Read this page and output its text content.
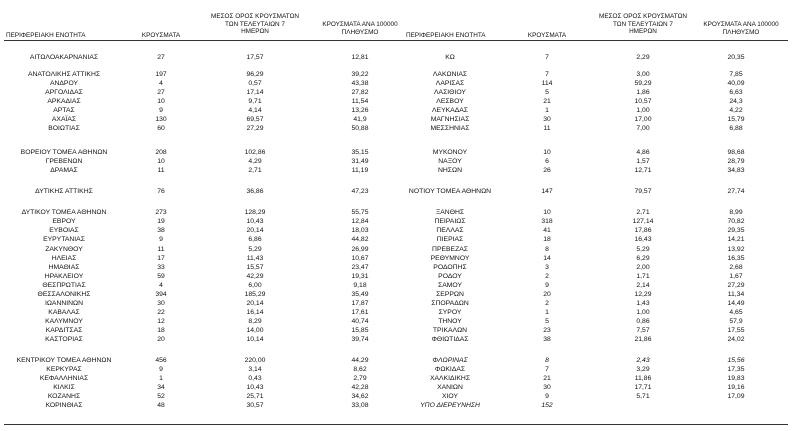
ΠΕΡΙΦΕΡΕΙΑΚΗ ΕΝΟΤΗΤΑ	ΚΡΟΥΣΜΑΤΑ
ΜΕΣΟΣ ΟΡΟΣ ΚΡΟΥΣΜΑΤΩΝ
ΤΩΝ ΤΕΛΕΥΤΑΙΩΝ 7
ΗΜΕΡΩΝ
ΚΡΟΥΣΜΑΤΑ ΑΝΑ 100000
ΠΛΗΘΥΣΜΟ	ΠΕΡΙΦΕΡΕΙΑΚΗ ΕΝΟΤΗΤΑ	ΚΡΟΥΣΜΑΤΑ
ΜΕΣΟΣ ΟΡΟΣ ΚΡΟΥΣΜΑΤΩΝ
ΤΩΝ ΤΕΛΕΥΤΑΙΩΝ 7
ΗΜΕΡΩΝ
ΚΡΟΥΣΜΑΤΑ ΑΝΑ 100000
ΠΛΗΘΥΣΜΟ
ΑΙΤΩΛΟΑΚΑΡΝΑΝΙΑΣ	27	17,57	12,81
ΑΝΑΤΟΛΙΚΗΣ ΑΤΤΙΚΗΣ	197	96,29	39,22
ΑΝΔΡΟΥ	4	0,57	43,38
ΑΡΓΟΛΙΔΑΣ	27	17,14	27,82
ΑΡΚΑΔΙΑΣ	10	9,71	11,54
ΑΡΤΑΣ	9	4,14	13,26
ΑΧΑΪΑΣ	130	69,57	41,9
ΒΟΙΩΤΙΑΣ	60	27,29	50,88
ΒΟΡΕΙΟΥ ΤΟΜΕΑ ΑΘΗΝΩΝ	208	102,86	35,15
ΓΡΕΒΕΝΩΝ	10	4,29	31,49
ΔΡΑΜΑΣ	11	2,71	11,19
ΔΥΤΙΚΗΣ ΑΤΤΙΚΗΣ	76	36,86	47,23
ΔΥΤΙΚΟΥ ΤΟΜΕΑ ΑΘΗΝΩΝ	273	128,29	55,75
ΕΒΡΟΥ	19	10,43	12,84
ΕΥΒΟΙΑΣ	38	20,14	18,03
ΕΥΡΥΤΑΝΙΑΣ	9	6,86	44,82
ΖΑΚΥΝΘΟΥ	11	5,29	26,99
ΗΛΕΙΑΣ	17	11,43	10,67
ΗΜΑΘΙΑΣ	33	15,57	23,47
ΗΡΑΚΛΕΙΟΥ	59	42,29	19,31
ΘΕΣΠΡΩΤΙΑΣ	4	6,00	9,18
ΘΕΣΣΑΛΟΝΙΚΗΣ	394	185,29	35,49
ΙΩΑΝΝΙΝΩΝ	30	20,14	17,87
ΚΑΒΑΛΑΣ	22	16,14	17,61
ΚΑΛΥΜΝΟΥ	12	8,29	40,74
ΚΑΡΔΙΤΣΑΣ	18	14,00	15,85
ΚΑΣΤΟΡΙΑΣ	20	10,14	39,74
ΚΕΝΤΡΙΚΟΥ ΤΟΜΕΑ ΑΘΗΝΩΝ	456	220,00	44,29
ΚΕΡΚΥΡΑΣ	9	3,14	8,62
ΚΕΦΑΛΛΗΝΙΑΣ	1	0,43	2,79
ΚΙΛΚΙΣ	34	10,43	42,28
ΚΟΖΑΝΗΣ	52	25,71	34,62
ΚΟΡΙΝΘΙΑΣ	48	30,57	33,08
ΚΩ	7	2,29	20,35
ΛΑΚΩΝΙΑΣ	7	3,00	7,85
ΛΑΡΙΣΑΣ	114	59,29	40,09
ΛΑΣΙΘΙΟΥ	5	1,86	6,63
ΛΕΣΒΟΥ	21	10,57	24,3
ΛΕΥΚΑΔΑΣ	1	1,00	4,22
ΜΑΓΝΗΣΙΑΣ	30	17,00	15,79
ΜΕΣΣΗΝΙΑΣ	11	7,00	6,88
ΜΥΚΟΝΟΥ	10	4,86	98,68
ΝΑΞΟΥ	6	1,57	28,79
ΝΗΣΩΝ	26	12,71	34,83
ΝΟΤΙΟΥ ΤΟΜΕΑ ΑΘΗΝΩΝ	147	79,57	27,74
ΞΑΝΘΗΣ	10	2,71	8,99
ΠΕΙΡΑΙΩΣ	318	127,14	70,82
ΠΕΛΛΑΣ	41	17,86	29,35
ΠΙΕΡΙΑΣ	18	16,43	14,21
ΠΡΕΒΕΖΑΣ	8	5,29	13,92
ΡΕΘΥΜΝΟΥ	14	6,29	16,35
ΡΟΔΟΠΗΣ	3	2,00	2,68
ΡΟΔΟΥ	2	1,71	1,67
ΣΑΜΟΥ	9	2,14	27,29
ΣΕΡΡΩΝ	20	12,29	11,34
ΣΠΟΡΑΔΩΝ	2	1,43	14,49
ΣΥΡΟΥ	1	1,00	4,65
ΤΗΝΟΥ	5	0,86	57,9
ΤΡΙΚΑΛΩΝ	23	7,57	17,55
ΦΘΙΩΤΙΔΑΣ	38	21,86	24,02
ΦΛΩΡΙΝΑΣ	8	2,43	15,56
ΦΩΚΙΔΑΣ	7	3,29	17,35
ΧΑΛΚΙΔΙΚΗΣ	21	11,86	19,83
ΧΑΝΙΩΝ	30	17,71	19,16
ΧΙΟΥ	9	5,71	17,09
ΥΠΟ ΔΙΕΡΕΥΝΗΣΗ	152
